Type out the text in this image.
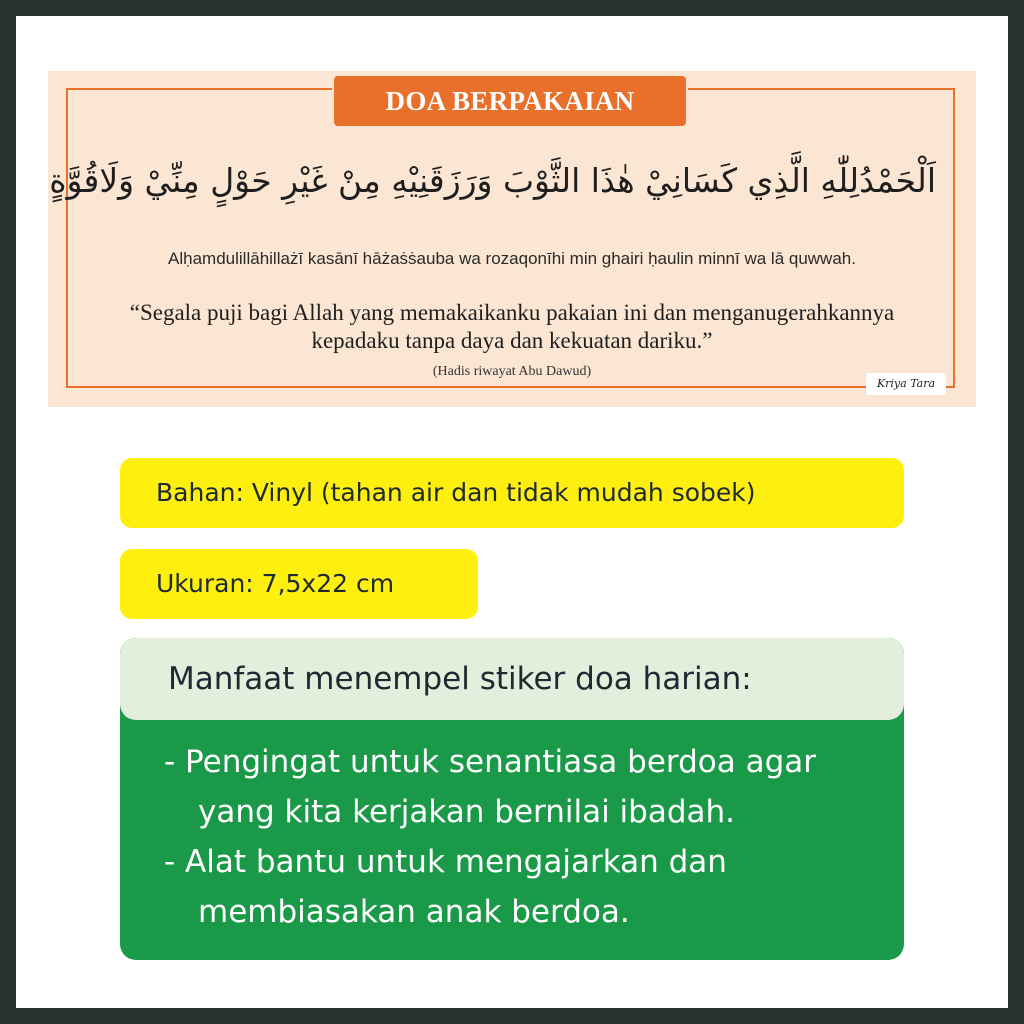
DOA BERPAKAIAN
اَلْحَمْدُلِلّٰهِ الَّذِي كَسَانِيْ هٰذَا الثَّوْبَ وَرَزَقَنِيْهِ مِنْ غَيْرِ حَوْلٍ مِنِّيْ وَلَاقُوَّةٍ
Alḥamdulillāhillażī kasānī hāżaṡṡauba wa rozaqonīhi min ghairi ḥaulin minnī wa lā quwwah.
“Segala puji bagi Allah yang memakaikanku pakaian ini dan menganugerahkannya
kepadaku tanpa daya dan kekuatan dariku.”
(Hadis riwayat Abu Dawud)
Kriya Tara
Bahan: Vinyl (tahan air dan tidak mudah sobek)
Ukuran: 7,5x22 cm
Manfaat menempel stiker doa harian:
- Pengingat untuk senantiasa berdoa agar
yang kita kerjakan bernilai ibadah.
- Alat bantu untuk mengajarkan dan
membiasakan anak berdoa.
